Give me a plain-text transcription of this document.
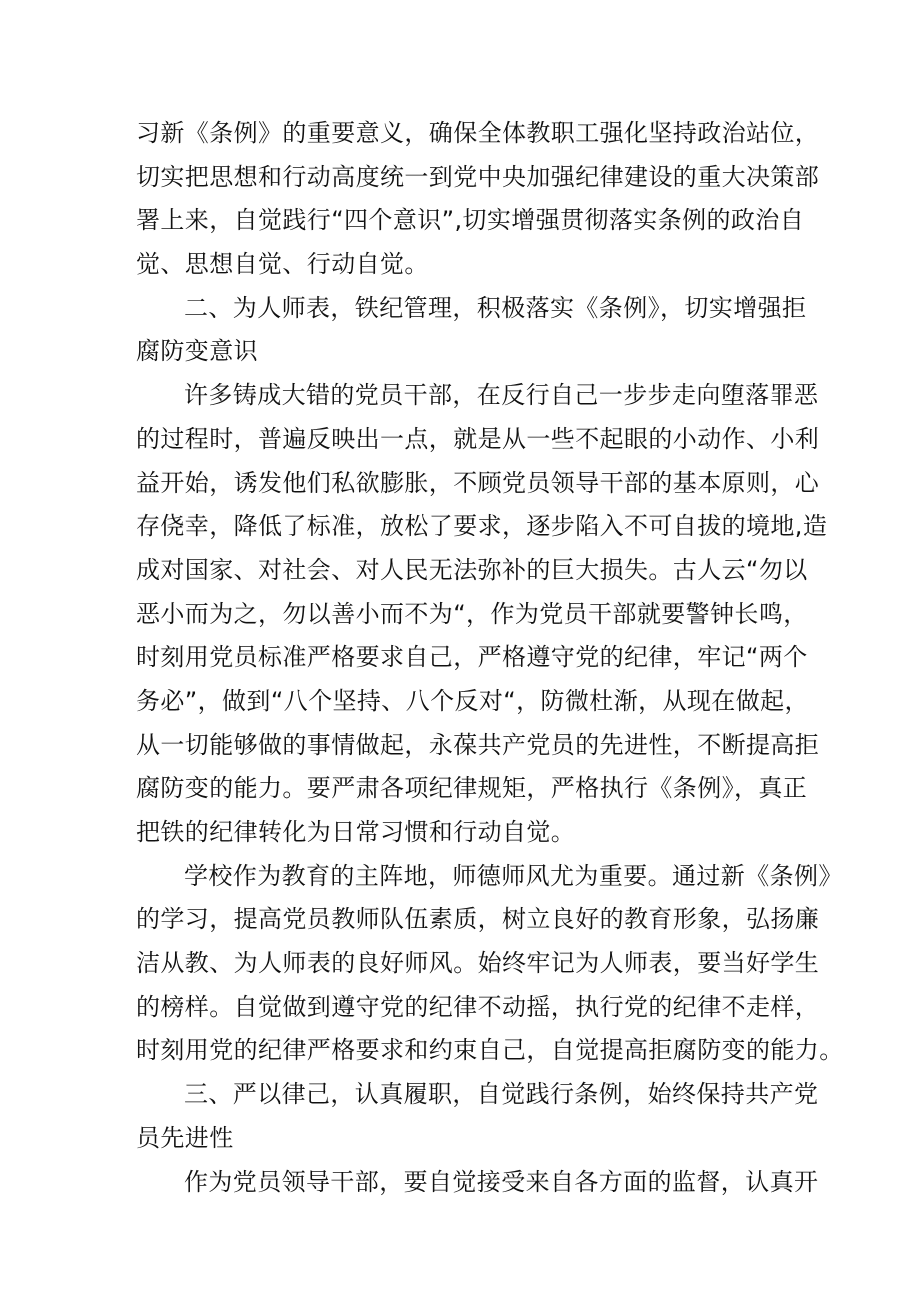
习新《条例》的重要意义，确保全体教职工强化坚持政治站位，
切实把思想和行动高度统一到党中央加强纪律建设的重大决策部
署上来，自觉践行“四个意识”,切实增强贯彻落实条例的政治自
觉、思想自觉、行动自觉。
二、为人师表，铁纪管理，积极落实《条例》，切实增强拒
腐防变意识
许多铸成大错的党员干部，在反行自己一步步走向堕落罪恶
的过程时，普遍反映出一点，就是从一些不起眼的小动作、小利
益开始，诱发他们私欲膨胀，不顾党员领导干部的基本原则，心
存侥幸，降低了标准，放松了要求，逐步陷入不可自拔的境地,造
成对国家、对社会、对人民无法弥补的巨大损失。古人云“勿以
恶小而为之，勿以善小而不为“，作为党员干部就要警钟长鸣，
时刻用党员标准严格要求自己，严格遵守党的纪律，牢记“两个
务必”，做到“八个坚持、八个反对“，防微杜渐，从现在做起，
从一切能够做的事情做起，永葆共产党员的先进性，不断提高拒
腐防变的能力。要严肃各项纪律规矩，严格执行《条例》，真正
把铁的纪律转化为日常习惯和行动自觉。
学校作为教育的主阵地，师德师风尤为重要。通过新《条例》
的学习，提高党员教师队伍素质，树立良好的教育形象，弘扬廉
洁从教、为人师表的良好师风。始终牢记为人师表，要当好学生
的榜样。自觉做到遵守党的纪律不动摇，执行党的纪律不走样，
时刻用党的纪律严格要求和约束自己，自觉提高拒腐防变的能力。
三、严以律己，认真履职，自觉践行条例，始终保持共产党
员先进性
作为党员领导干部，要自觉接受来自各方面的监督，认真开
